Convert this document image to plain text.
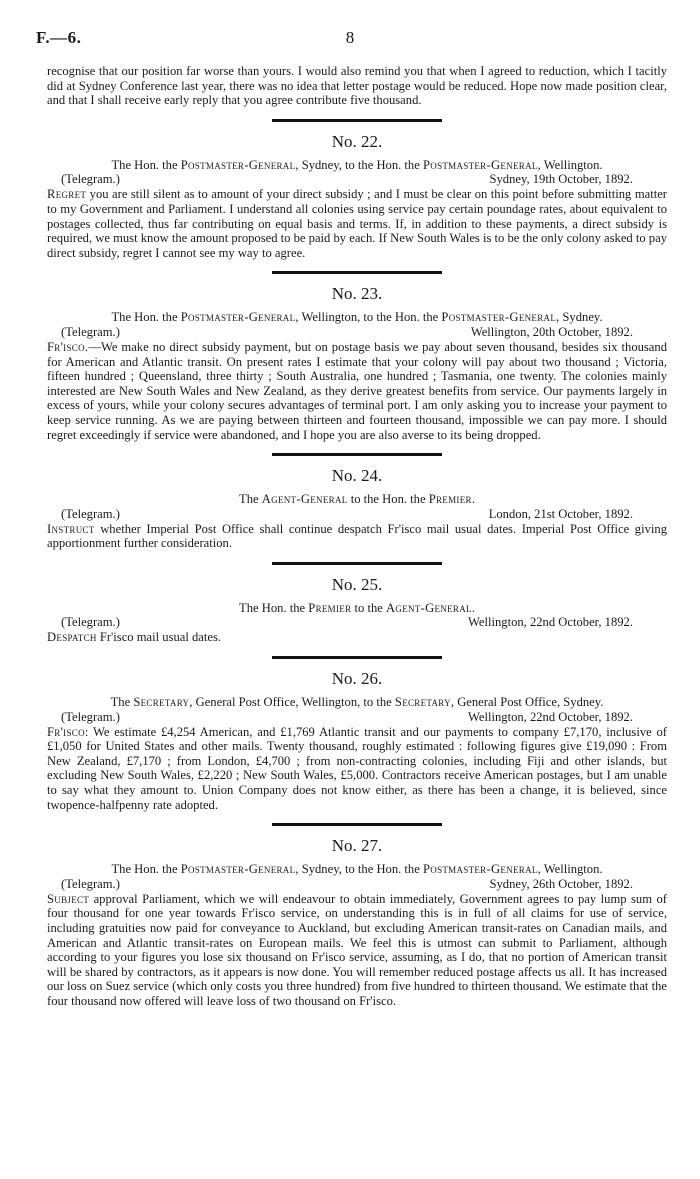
F.—6.	8

recognise that our position far worse than yours. I would also remind you that when I agreed to reduction, which I tacitly did at Sydney Conference last year, there was no idea that letter postage would be reduced. Hope now made position clear, and that I shall receive early reply that you agree contribute five thousand.

No. 22.
The Hon. the Postmaster-General, Sydney, to the Hon. the Postmaster-General, Wellington.
(Telegram.)	Sydney, 19th October, 1892.

Regret you are still silent as to amount of your direct subsidy ; and I must be clear on this point before submitting matter to my Government and Parliament. I understand all colonies using service pay certain poundage rates, about equivalent to postages collected, thus far contributing on equal basis and terms. If, in addition to these payments, a direct subsidy is required, we must know the amount proposed to be paid by each. If New South Wales is to be the only colony asked to pay direct subsidy, regret I cannot see my way to agree.

No. 23.
The Hon. the Postmaster-General, Wellington, to the Hon. the Postmaster-General, Sydney.
(Telegram.)	Wellington, 20th October, 1892.

Fr'isco.—We make no direct subsidy payment, but on postage basis we pay about seven thousand, besides six thousand for American and Atlantic transit. On present rates I estimate that your colony will pay about two thousand ; Victoria, fifteen hundred ; Queensland, three thirty ; South Australia, one hundred ; Tasmania, one twenty. The colonies mainly interested are New South Wales and New Zealand, as they derive greatest benefits from service. Our payments largely in excess of yours, while your colony secures advantages of terminal port. I am only asking you to increase your payment to keep service running. As we are paying between thirteen and fourteen thousand, impossible we can pay more. I should regret exceedingly if service were abandoned, and I hope you are also averse to its being dropped.

No. 24.
The Agent-General to the Hon. the Premier.
(Telegram.)	London, 21st October, 1892.

Instruct whether Imperial Post Office shall continue despatch Fr'isco mail usual dates. Imperial Post Office giving apportionment further consideration.

No. 25.
The Hon. the Premier to the Agent-General.
(Telegram.)	Wellington, 22nd October, 1892.

Despatch Fr'isco mail usual dates.

No. 26.
The Secretary, General Post Office, Wellington, to the Secretary, General Post Office, Sydney.
(Telegram.)	Wellington, 22nd October, 1892.

Fr'isco: We estimate £4,254 American, and £1,769 Atlantic transit and our payments to company £7,170, inclusive of £1,050 for United States and other mails. Twenty thousand, roughly estimated : following figures give £19,090 : From New Zealand, £7,170 ; from London, £4,700 ; from non-contracting colonies, including Fiji and other islands, but excluding New South Wales, £2,220 ; New South Wales, £5,000. Contractors receive American postages, but I am unable to say what they amount to. Union Company does not know either, as there has been a change, it is believed, since twopence-halfpenny rate adopted.

No. 27.
The Hon. the Postmaster-General, Sydney, to the Hon. the Postmaster-General, Wellington.
(Telegram.)	Sydney, 26th October, 1892.

Subject approval Parliament, which we will endeavour to obtain immediately, Government agrees to pay lump sum of four thousand for one year towards Fr'isco service, on understanding this is in full of all claims for use of service, including gratuities now paid for conveyance to Auckland, but excluding American transit-rates on Canadian mails, and American and Atlantic transit-rates on European mails. We feel this is utmost can submit to Parliament, although according to your figures you lose six thousand on Fr'isco service, assuming, as I do, that no portion of American transit will be shared by contractors, as it appears is now done. You will remember reduced postage affects us all. It has increased our loss on Suez service (which only costs you three hundred) from five hundred to thirteen thousand. We estimate that the four thousand now offered will leave loss of two thousand on Fr'isco.
